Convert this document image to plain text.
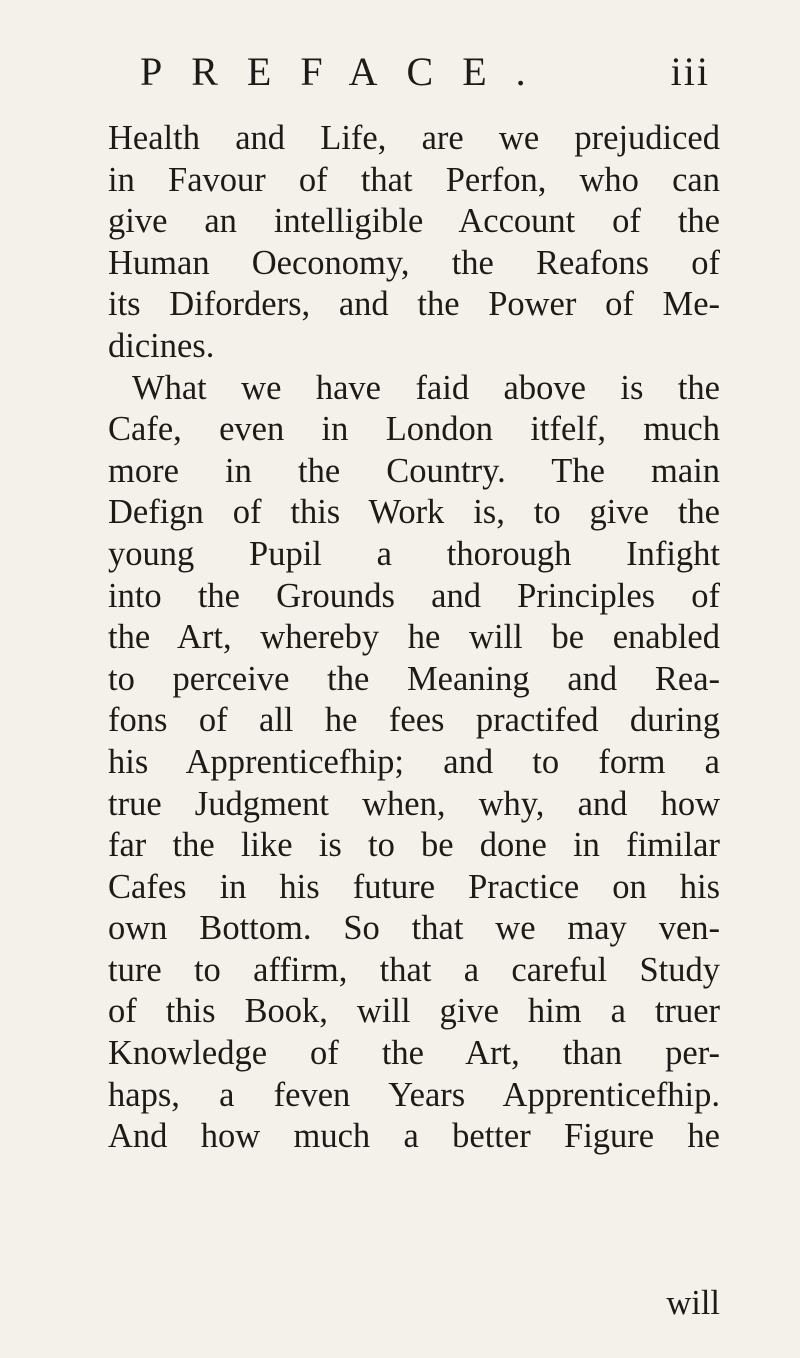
PREFACE.	iii
Health and Life, are we prejudiced
in Favour of that Perfon, who can
give an intelligible Account of the
Human Oeconomy, the Reafons of
its Diforders, and the Power of Me-
dicines.
What we have faid above is the
Cafe, even in London itfelf, much
more in the Country. The main
Defign of this Work is, to give the
young Pupil a thorough Infight
into the Grounds and Principles of
the Art, whereby he will be enabled
to perceive the Meaning and Rea-
fons of all he fees practifed during
his Apprenticefhip; and to form a
true Judgment when, why, and how
far the like is to be done in fimilar
Cafes in his future Practice on his
own Bottom. So that we may ven-
ture to affirm, that a careful Study
of this Book, will give him a truer
Knowledge of the Art, than per-
haps, a feven Years Apprenticefhip.
And how much a better Figure he
will
